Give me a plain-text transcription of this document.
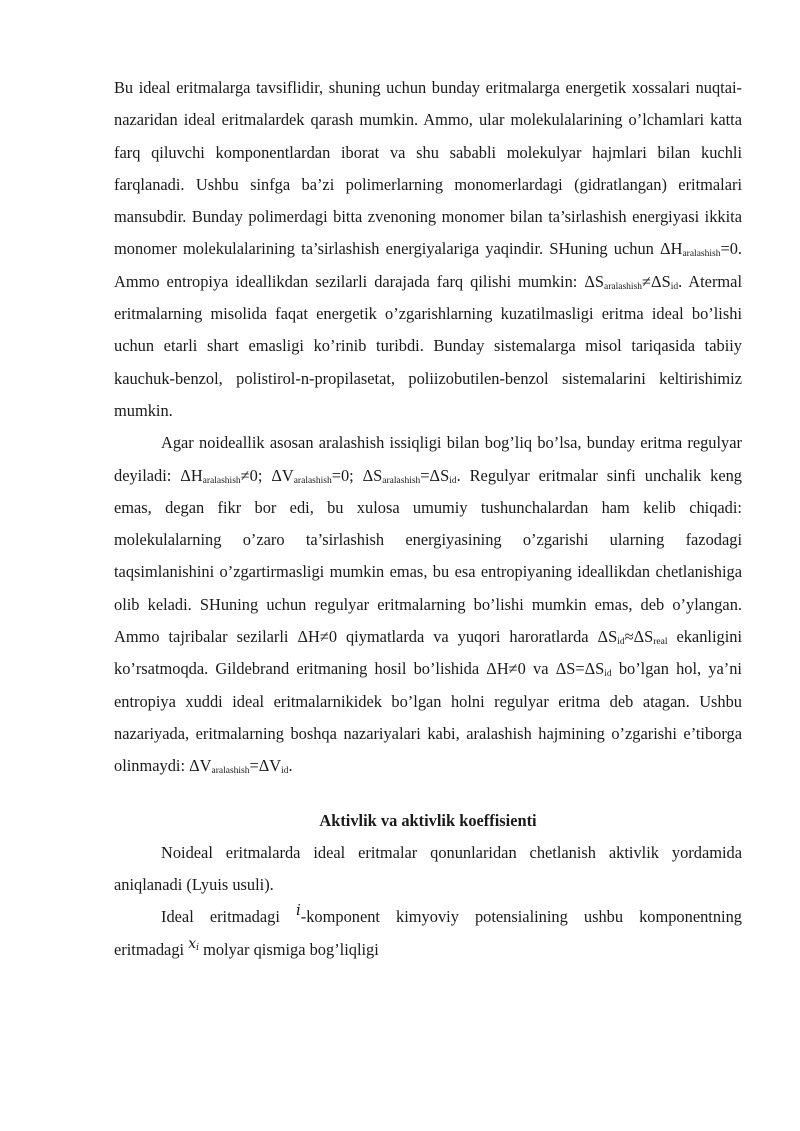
Bu ideal eritmalarga tavsiflidir, shuning uchun bunday eritmalarga energetik xossalari nuqtai-nazaridan ideal eritmalardek qarash mumkin. Ammo, ular molekulalarining o’lchamlari katta farq qiluvchi komponentlardan iborat va shu sababli molekulyar hajmlari bilan kuchli farqlanadi. Ushbu sinfga ba’zi polimerlarning monomerlardagi (gidratlangan) eritmalari mansubdir. Bunday polimerdagi bitta zvenoning monomer bilan ta’sirlashish energiyasi ikkita monomer molekulalarining ta’sirlashish energiyalariga yaqindir. SHuning uchun $\Delta H_{aralashish}=0$. Ammo entropiya ideallikdan sezilarli darajada farq qilishi mumkin: $\Delta S_{aralashish}\ne\Delta S_{id}$. Atermal eritmalarning misolida faqat energetik o’zgarishlarning kuzatilmasligi eritma ideal bo’lishi uchun etarli shart emasligi ko’rinib turibdi. Bunday sistemalarga misol tariqasida tabiiy kauchuk-benzol, polistirol-n-propilasetat, poliizobutilen-benzol sistemalarini keltirishimiz mumkin.

Agar noideallik asosan aralashish issiqligi bilan bog’liq bo’lsa, bunday eritma regulyar deyiladi: $\Delta H_{aralashish}\ne 0$; $\Delta V_{aralashish}=0$; $\Delta S_{aralashish}=\Delta S_{id}$. Regulyar eritmalar sinfi unchalik keng emas, degan fikr bor edi, bu xulosa umumiy tushunchalardan ham kelib chiqadi: molekulalarning o’zaro ta’sirlashish energiyasining o’zgarishi ularning fazodagi taqsimlanishini o’zgartirmasligi mumkin emas, bu esa entropiyaning ideallikdan chetlanishiga olib keladi. SHuning uchun regulyar eritmalarning bo’lishi mumkin emas, deb o’ylangan. Ammo tajribalar sezilarli ΔH≠0 qiymatlarda va yuqori haroratlarda $\Delta S_{id}\approx\Delta S_{real}$ ekanligini ko’rsatmoqda. Gildebrand eritmaning hosil bo’lishida ΔH≠0 va $\Delta S=\Delta S_{id}$ bo’lgan hol, ya’ni entropiya xuddi ideal eritmalarnikidek bo’lgan holni regulyar eritma deb atagan. Ushbu nazariyada, eritmalarning boshqa nazariyalari kabi, aralashish hajmining o’zgarishi e’tiborga olinmaydi: $\Delta V_{aralashish}=\Delta V_{id}$.

Aktivlik va aktivlik koeffisienti

Noideal eritmalarda ideal eritmalar qonunlaridan chetlanish aktivlik yordamida aniqlanadi (Lyuis usuli).

Ideal eritmadagi i-komponent kimyoviy potensialining ushbu komponentning eritmadagi $x_i$ molyar qismiga bog’liqligi
